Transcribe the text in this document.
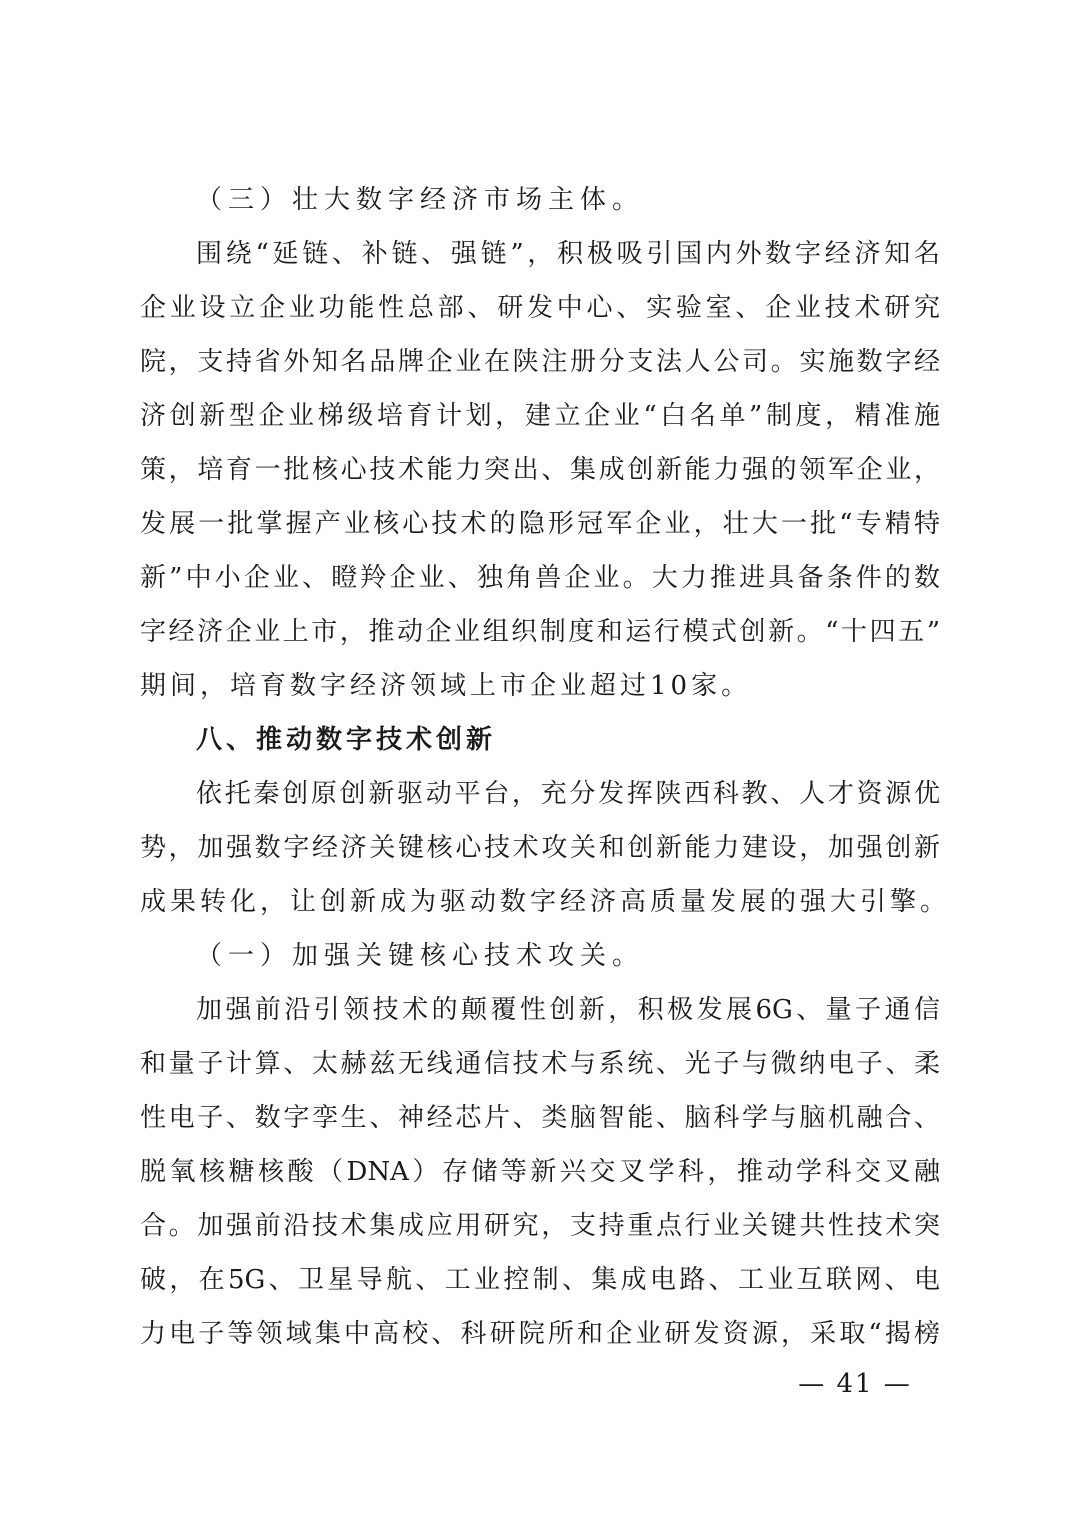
（三）壮大数字经济市场主体。
围绕“延链、补链、强链”，积极吸引国内外数字经济知名
企业设立企业功能性总部、研发中心、实验室、企业技术研究
院，支持省外知名品牌企业在陕注册分支法人公司。实施数字经
济创新型企业梯级培育计划，建立企业“白名单”制度，精准施
策，培育一批核心技术能力突出、集成创新能力强的领军企业，
发展一批掌握产业核心技术的隐形冠军企业，壮大一批“专精特
新”中小企业、瞪羚企业、独角兽企业。大力推进具备条件的数
字经济企业上市，推动企业组织制度和运行模式创新。“十四五”
期间，培育数字经济领域上市企业超过10家。
八、推动数字技术创新
依托秦创原创新驱动平台，充分发挥陕西科教、人才资源优
势，加强数字经济关键核心技术攻关和创新能力建设，加强创新
成果转化，让创新成为驱动数字经济高质量发展的强大引擎。
（一）加强关键核心技术攻关。
加强前沿引领技术的颠覆性创新，积极发展6G、量子通信
和量子计算、太赫兹无线通信技术与系统、光子与微纳电子、柔
性电子、数字孪生、神经芯片、类脑智能、脑科学与脑机融合、
脱氧核糖核酸（DNA）存储等新兴交叉学科，推动学科交叉融
合。加强前沿技术集成应用研究，支持重点行业关键共性技术突
破，在5G、卫星导航、工业控制、集成电路、工业互联网、电
力电子等领域集中高校、科研院所和企业研发资源，采取“揭榜
— 41 —
